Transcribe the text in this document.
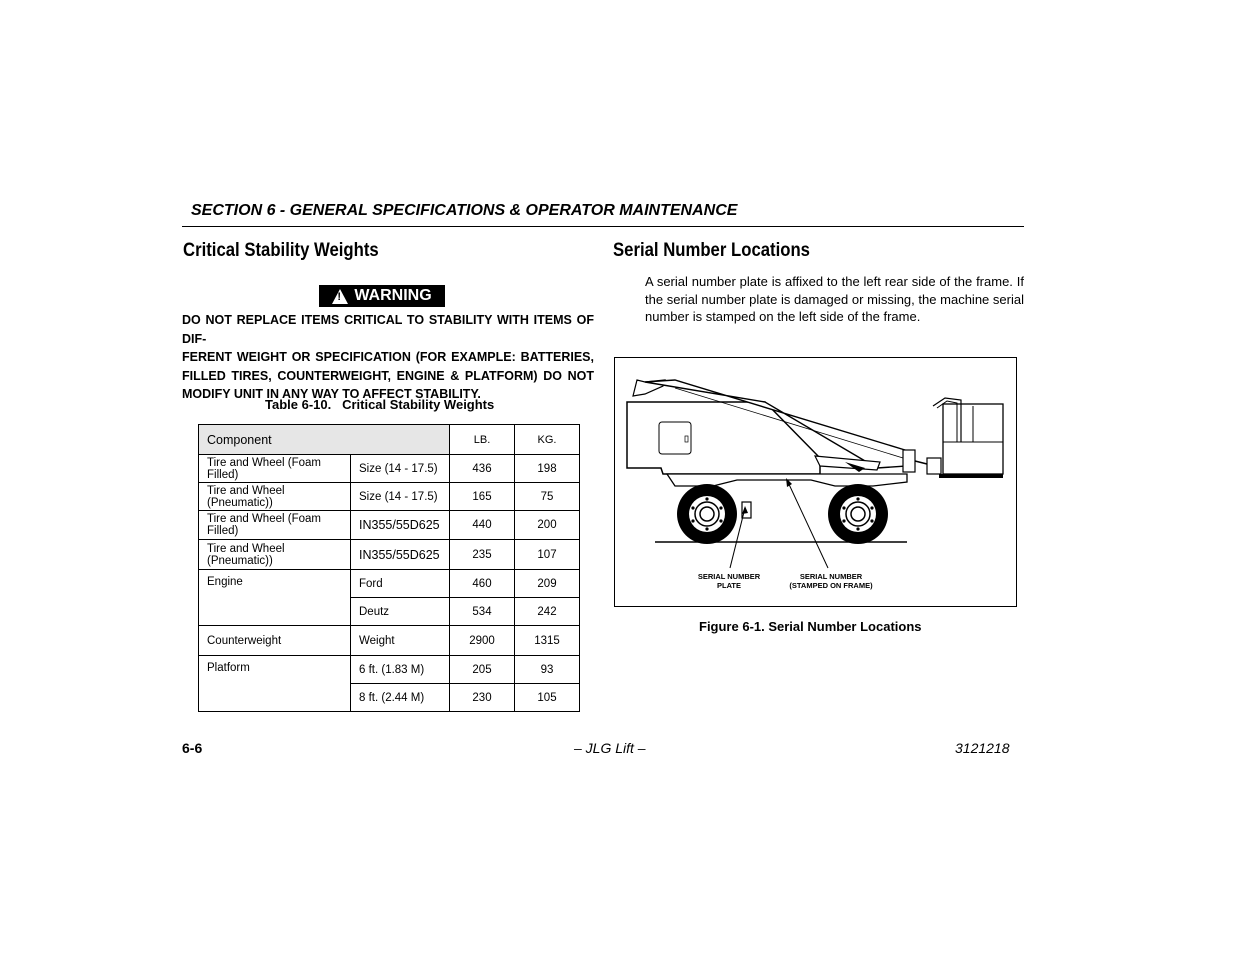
SECTION 6 - GENERAL SPECIFICATIONS & OPERATOR MAINTENANCE
Critical Stability Weights
! WARNING
DO NOT REPLACE ITEMS CRITICAL TO STABILITY WITH ITEMS OF DIF-
FERENT WEIGHT OR SPECIFICATION (FOR EXAMPLE: BATTERIES,
FILLED TIRES, COUNTERWEIGHT, ENGINE & PLATFORM) DO NOT
MODIFY UNIT IN ANY WAY TO AFFECT STABILITY.
Table 6-10.   Critical Stability Weights
Component		LB.	KG.
Tire and Wheel (Foam Filled)	Size (14 - 17.5)	436	198
Tire and Wheel (Pneumatic))	Size (14 - 17.5)	165	75
Tire and Wheel (Foam Filled)	IN355/55D625	440	200
Tire and Wheel (Pneumatic))	IN355/55D625	235	107
Engine	Ford	460	209
	Deutz	534	242
Counterweight	Weight	2900	1315
Platform	6 ft. (1.83 M)	205	93
	8 ft. (2.44 M)	230	105
Serial Number Locations
A serial number plate is affixed to the left rear side of the frame. If the serial number plate is damaged or missing, the machine serial number is stamped on the left side of the frame.
SERIAL NUMBER
PLATE
SERIAL NUMBER
(STAMPED ON FRAME)
Figure 6-1. Serial Number Locations
6-6	– JLG Lift –	3121218
